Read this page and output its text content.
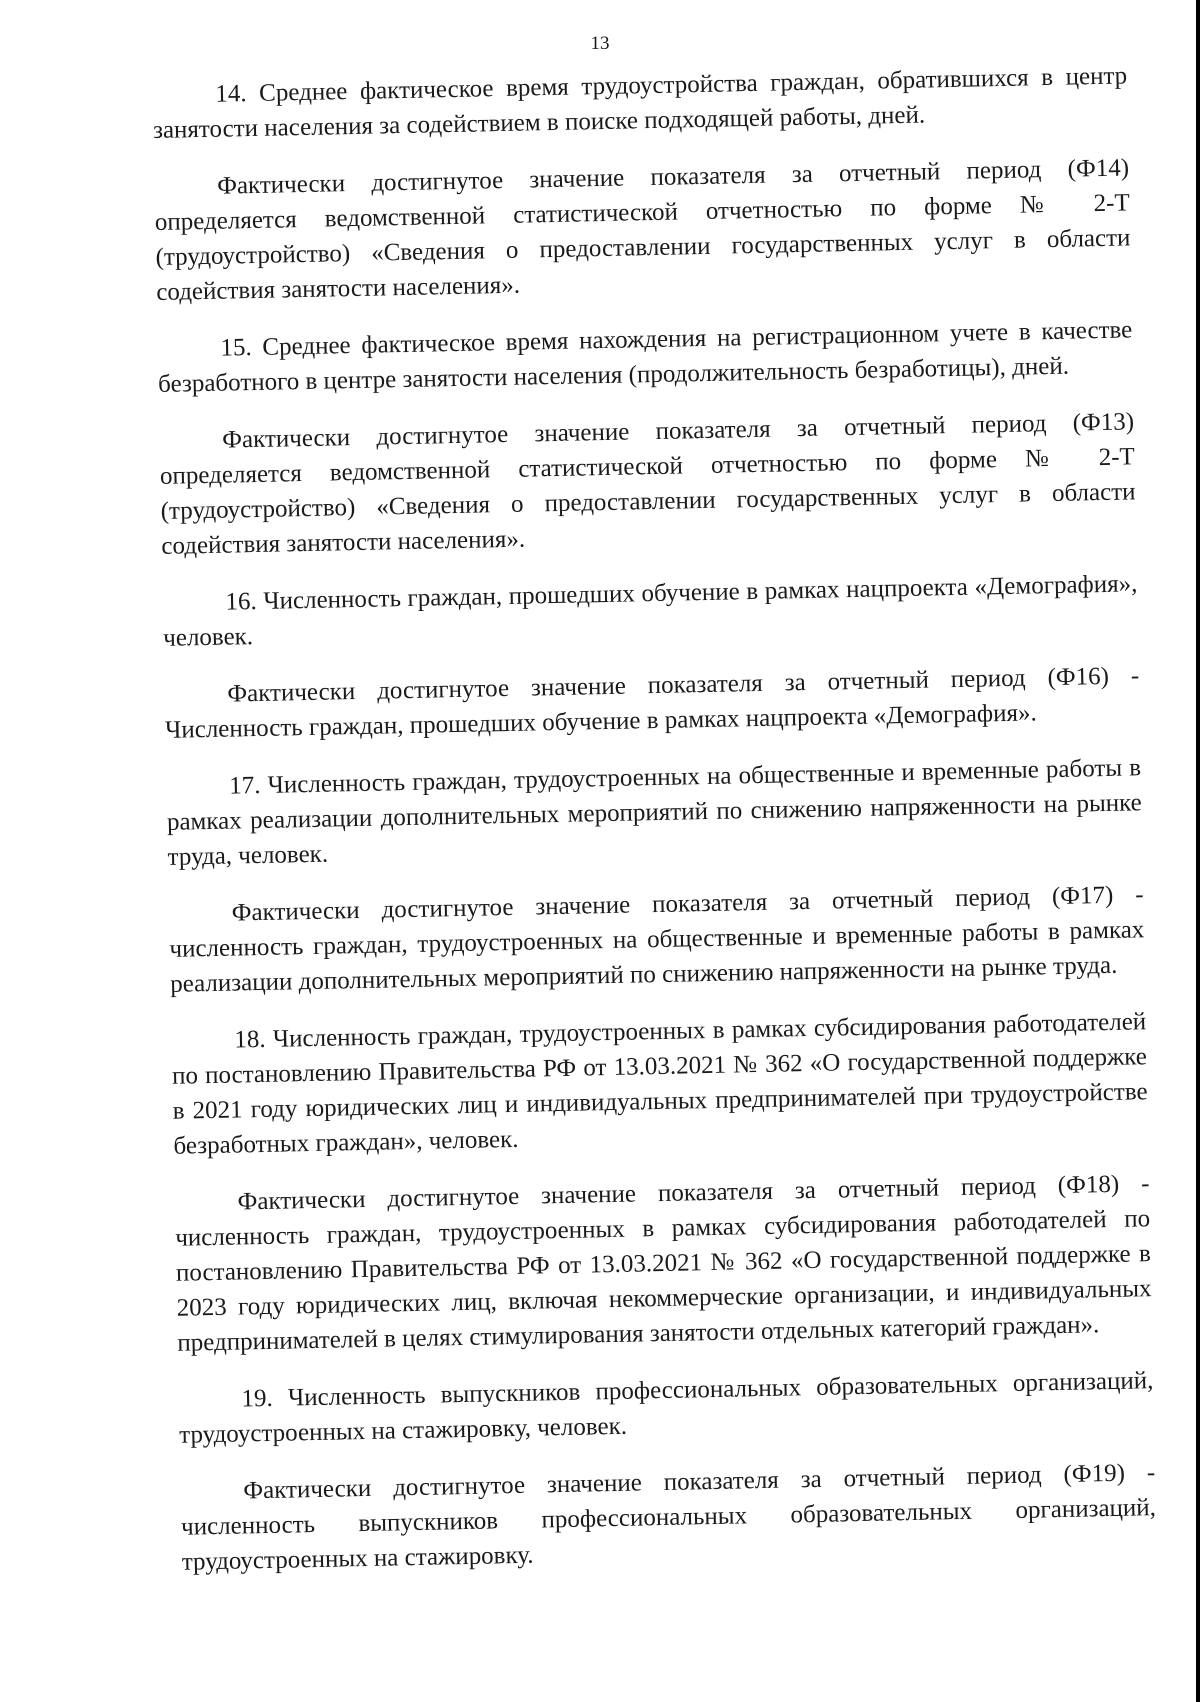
13

14. Среднее фактическое время трудоустройства граждан, обратившихся в центр занятости населения за содействием в поиске подходящей работы, дней.

Фактически достигнутое значение показателя за отчетный период (Ф14) определяется ведомственной статистической отчетностью по форме № 2-Т (трудоустройство) «Сведения о предоставлении государственных услуг в области содействия занятости населения».

15. Среднее фактическое время нахождения на регистрационном учете в качестве безработного в центре занятости населения (продолжительность безработицы), дней.

Фактически достигнутое значение показателя за отчетный период (Ф13) определяется ведомственной статистической отчетностью по форме № 2-Т (трудоустройство) «Сведения о предоставлении государственных услуг в области содействия занятости населения».

16. Численность граждан, прошедших обучение в рамках нацпроекта «Демография», человек.

Фактически достигнутое значение показателя за отчетный период (Ф16) - Численность граждан, прошедших обучение в рамках нацпроекта «Демография».

17. Численность граждан, трудоустроенных на общественные и временные работы в рамках реализации дополнительных мероприятий по снижению напряженности на рынке труда, человек.

Фактически достигнутое значение показателя за отчетный период (Ф17) - численность граждан, трудоустроенных на общественные и временные работы в рамках реализации дополнительных мероприятий по снижению напряженности на рынке труда.

18. Численность граждан, трудоустроенных в рамках субсидирования работодателей по постановлению Правительства РФ от 13.03.2021 № 362 «О государственной поддержке в 2021 году юридических лиц и индивидуальных предпринимателей при трудоустройстве безработных граждан», человек.

Фактически достигнутое значение показателя за отчетный период (Ф18) - численность граждан, трудоустроенных в рамках субсидирования работодателей по постановлению Правительства РФ от 13.03.2021 № 362 «О государственной поддержке в 2023 году юридических лиц, включая некоммерческие организации, и индивидуальных предпринимателей в целях стимулирования занятости отдельных категорий граждан».

19. Численность выпускников профессиональных образовательных организаций, трудоустроенных на стажировку, человек.

Фактически достигнутое значение показателя за отчетный период (Ф19) - численность выпускников профессиональных образовательных организаций, трудоустроенных на стажировку.
